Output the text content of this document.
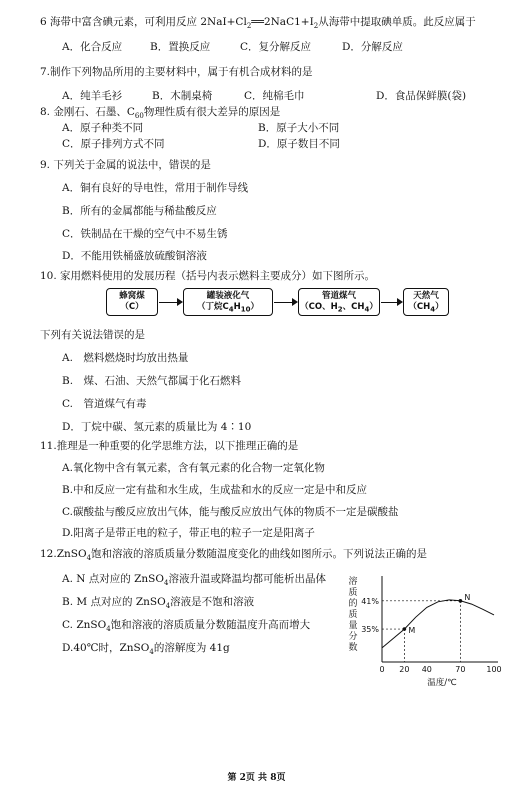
6 海带中富含碘元素，可利用反应 $2NaI+Cl_2══2NaC1+I_2$从海带中提取碘单质。此反应属于
A．化合反应	B．置换反应	C．复分解反应	D．分解反应
7.制作下列物品所用的主要材料中，属于有机合成材料的是
A．纯羊毛衫	B．木制桌椅	C．纯棉毛巾	D．食品保鲜膜(袋)
8. 金刚石、石墨、$C_{60}$物理性质有很大差异的原因是
A．原子种类不同	B．原子大小不同
C．原子排列方式不同	D．原子数目不同
9. 下列关于金属的说法中，错误的是
A．铜有良好的导电性，常用于制作导线
B．所有的金属都能与稀盐酸反应
C．铁制品在干燥的空气中不易生锈
D．不能用铁桶盛放硫酸铜溶液
10. 家用燃料使用的发展历程（括号内表示燃料主要成分）如下图所示。
蜂窝煤
（C）
罐装液化气
（丁烷$C_4H_{10}$）
管道煤气
（CO、$H_2$、$CH_4$）
天然气
$(CH_4)$
下列有关说法错误的是
A.　燃料燃烧时均放出热量
B.　煤、石油、天然气都属于化石燃料
C.　管道煤气有毒
D．丁烷中碳、氢元素的质量比为 4∶10
11.推理是一种重要的化学思维方法，以下推理正确的是
A.氧化物中含有氧元素，含有氧元素的化合物一定氧化物
B.中和反应一定有盐和水生成，生成盐和水的反应一定是中和反应
C.碳酸盐与酸反应放出气体，能与酸反应放出气体的物质不一定是碳酸盐
D.阳离子是带正电的粒子，带正电的粒子一定是阳离子
12.ZnSO$_4$饱和溶液的溶质质量分数随温度变化的曲线如图所示。下列说法正确的是
A. N 点对应的 ZnSO$_4$溶液升温或降温均都可能析出晶体
B. M 点对应的 ZnSO$_4$溶液是不饱和溶液
C. ZnSO$_4$饱和溶液的溶质质量分数随温度升高而增大
D.40℃时，ZnSO$_4$的溶解度为 41g
溶质的质量分数
M
N
35%
41%
0 20 40	70	100
温度/℃
第 2页 共 8页
